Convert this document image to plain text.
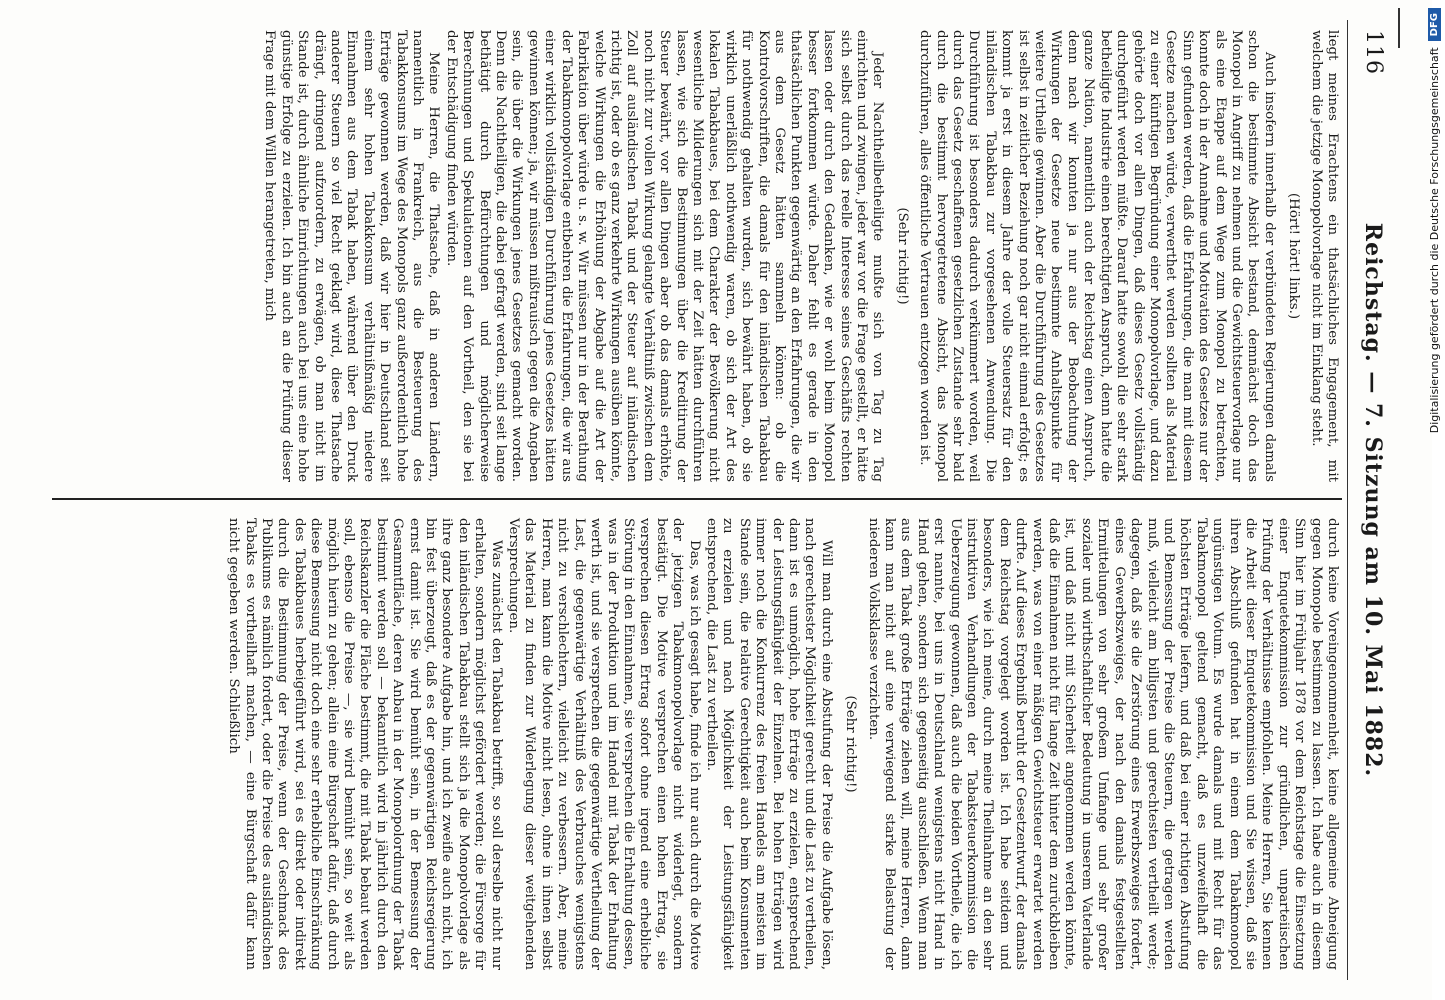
116
Reichstag. — 7. Sitzung am 10. Mai 1882.

liegt meines Erachtens ein thatsächliches Engagement, mit welchem die jetzige Monopolvorlage nicht im Einklang steht.

(Hört! hört! links.)

Auch insofern innerhalb der verbündeten Regierungen damals schon die bestimmte Absicht bestand, demnächst doch das Monopol in Angriff zu nehmen und die Gewichtsteuervorlage nur als eine Etappe auf dem Wege zum Monopol zu betrachten, konnte doch in der Annahme und Motivation des Gesetzes nur der Sinn gefunden werden, daß die Erfahrungen, die man mit diesem Gesetze machen würde, verwerthet werden sollten als Material zu einer künftigen Begründung einer Monopolvorlage, und dazu gehörte doch vor allen Dingen, daß dieses Gesetz vollständig durchgeführt werden müßte. Darauf hatte sowohl die sehr stark betheiligte Industrie einen berechtigten Anspruch, denn hatte die ganze Nation, namentlich auch der Reichstag einen Anspruch, denn nach wir konnten ja nur aus der Beobachtung der Wirkungen der Gesetze neue bestimmte Anhaltspunkte für weitere Urtheile gewinnen. Aber die Durchführung des Gesetzes ist selbst in zeitlicher Beziehung noch gar nicht einmal erfolgt; es kommt ja erst in diesem Jahre der volle Steuersatz für den inländischen Tabakbau zur vorgesehenen Anwendung. Die Durchführung ist besonders dadurch verkümmert worden, weil durch das Gesetz geschaffenen gesetzlichen Zustande sehr bald durch die bestimmt hervorgetretene Absicht, das Monopol durchzuführen, alles öffentliche Vertrauen entzogen worden ist.

(Sehr richtig!)

Jeder Nachtheilbetheiligte mußte sich von Tag zu Tag einrichten und zwingen, jeder war vor die Frage gestellt, er hätte sich selbst durch das reelle Interesse seines Geschäfts rechten lassen oder durch den Gedanken, wie er wohl beim Monopol besser fortkommen würde. Daher fehlt es gerade in den thatsächlichen Punkten gegenwärtig an den Erfahrungen, die wir aus dem Gesetz hätten sammeln können: ob die Kontrolvorschriften, die damals für den inländischen Tabakbau für nothwendig gehalten wurden, sich bewährt haben, ob sie wirklich unerläßlich nothwendig waren, ob sich der Art des lokalen Tabakbaues, bei dem Charakter der Bevölkerung nicht wesentliche Milderungen sich mit der Zeit hätten durchführen lassen, wie sich die Bestimmungen über die Kreditirung der Steuer bewährt, vor allen Dingen aber ob das damals erhöhte, noch nicht zur vollen Wirkung gelangte Verhältniß zwischen dem Zoll auf ausländischen Tabak und der Steuer auf inländischen richtig ist, oder ob es ganz verkehrte Wirkungen ausüben könnte, welche Wirkungen die Erhöhung der Abgabe auf die Art der Fabrikation über würde u. s. w. Wir müssen nur in der Berathung der Tabakmonopolvorlage entbehren die Erfahrungen, die wir aus einer wirklich vollständigen Durchführung jenes Gesetzes hätten gewinnen können; ja, wir müssen mißtrauisch gegen die Angaben sein, die über die Wirkungen jenes Gesetzes gemacht worden. Denn die Nachtheiligen, die dabei gefragt werden, sind seit lange bethätigt durch Befürchtungen und möglicherweise Berechnungen und Spekulationen auf den Vortheil, den sie bei der Entschädigung finden würden.

Meine Herren, die Thatsache, daß in anderen Ländern, namentlich in Frankreich, aus die Besteuerung des Tabakkonsums im Wege des Monopols ganz außerordentlich hohe Erträge gewonnen werden, daß wir hier in Deutschland seit einem sehr hohen Tabakkonsum verhältnißmäßig niedere Einnahmen aus dem Tabak haben, während über den Druck anderer Steuern so viel Recht geklagt wird, diese Thatsache drängt, dringend aufzuordern, zu erwägen, ob man nicht im Stande ist, durch ähnliche Einrichtungen auch bei uns eine hohe günstige Erfolge zu erzielen. Ich bin auch an die Prüfung dieser Frage mit dem Willen herangetreten, mich

durch keine Voreingenommenheit, keine allgemeine Abneigung gegen Monopole bestimmen zu lassen. Ich habe auch in diesem Sinn hier im Frühjahr 1878 vor dem Reichstage die Einsetzung einer Enquetekommission zur gründlichen, unparteiischen Prüfung der Verhältnisse empfohlen. Meine Herren, Sie kennen die Arbeit dieser Enquetekommission und Sie wissen, daß sie ihren Abschluß gefunden hat in einem dem Tabakmonopol ungünstigen Votum. Es wurde damals und mit Recht für das Tabakmonopol geltend gemacht, daß es unzweifelhaft die höchsten Erträge liefern, und daß bei einer richtigen Abstufung und Bemessung der Preise die Steuern, die getragen werden muß, vielleicht am billigsten und gerechtesten vertheilt werde; dagegen, daß sie die Zerstörung eines Erwerbszweiges fordert, eines Gewerbszweiges, der nach den damals festgestellten Ermittelungen von sehr großem Umfange und sehr großer sozialer und wirthschaftlicher Bedeutung in unserem Vaterlande ist, und daß nicht mit Sicherheit angenommen werden könnte, daß die Einnahmen nicht für lange Zeit hinter dem zurückbleiben werden, was von einer mäßigen Gewichtsteuer erwartet werden durfte. Auf dieses Ergebniß beruht der Gesetzentwurf, der damals dem Reichstag vorgelegt worden ist. Ich habe seitdem und besonders, wie ich meine, durch meine Theilnahme an den sehr instruktiven Verhandlungen der Tabaksteuerkommission die Ueberzeugung gewonnen, daß auch die beiden Vortheile, die ich erst nannte, bei uns in Deutschland wenigstens nicht Hand in Hand gehen, sondern sich gegenseitig ausschließen. Wenn man aus dem Tabak große Erträge ziehen will, meine Herren, dann kann man nicht auf eine verwiegend starke Belastung der niederen Volksklasse verzichten.

(Sehr richtig!)

Will man durch eine Abstufung der Preise die Aufgabe lösen, nach gerechtester Möglichkeit gerecht und die Last zu vertheilen, dann ist es unmöglich, hohe Erträge zu erzielen, entsprechend der Leistungsfähigkeit der Einzelnen. Bei hohen Erträgen wird immer noch die Konkurrenz des freien Handels am meisten im Stande sein, die relative Gerechtigkeit auch beim Konsumenten zu erzielen und nach Möglichkeit der Leistungsfähigkeit entsprechend, die Last zu vertheilen.

Das, was ich gesagt habe, finde ich nur auch durch die Motive der jetzigen Tabakmonopolvorlage nicht widerlegt, sondern bestätigt. Die Motive versprechen einen hohen Ertrag, sie versprechen diesen Ertrag sofort ohne irgend eine erhebliche Störung in den Einnahmen, sie versprechen die Erhaltung dessen, was in der Produktion und im Handel mit Tabak der Erhaltung werth ist, und sie versprechen die gegenwärtige Vertheilung der Last, die gegenwärtige Verhältniß des Verbrauches wenigstens nicht zu verschlechtern, vielleicht zu verbessern. Aber, meine Herren, man kann die Motive nicht lesen, ohne in ihnen selbst das Material zu finden zur Widerlegung dieser weitgehenden Versprechungen.

Was zunächst den Tabakbau betrifft, so soll derselbe nicht nur erhalten, sondern möglichst gefördert werden; die Fürsorge für den inländischen Tabakbau stellt sich ja die Monopolvorlage als ihre ganz besondere Aufgabe hin, und ich zweifle auch nicht, ich bin fest überzeugt, daß es der gegenwärtigen Reichsregierung ernst damit ist. Sie wird bemüht sein, in der Bemessung der Gesammtfläche, deren Anbau in der Monopolordnung der Tabak bestimmt werden soll — bekanntlich wird in jährlich durch den Reichskanzler die Fläche bestimmt, die mit Tabak bebaut werden soll, ebenso die Preise —, sie wird bemüht sein, so weit als möglich hierin zu gehen; allein eine Bürgschaft dafür, daß durch diese Bemessung nicht doch eine sehr erhebliche Einschränkung des Tabakbaues herbeigeführt wird, sei es direkt oder indirekt durch die Bestimmung der Preise, wenn der Geschmack des Publikums es nämlich fordert, oder die Preise des ausländischen Tabaks es vortheilhaft machen, — eine Bürgschaft dafür kann nicht gegeben werden. Schließlich

Digitalisierung gefördert durch die Deutsche Forschungsgemeinschaft
DFG
